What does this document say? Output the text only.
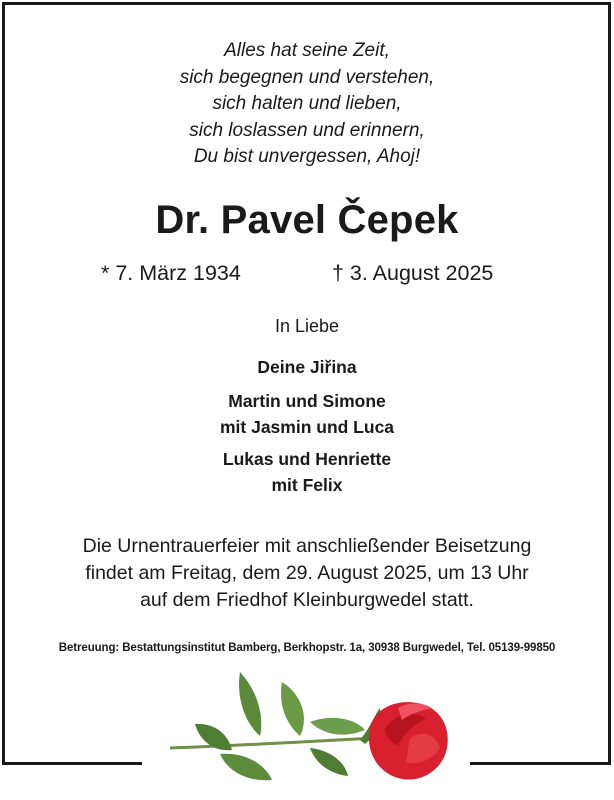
Alles hat seine Zeit,
sich begegnen und verstehen,
sich halten und lieben,
sich loslassen und erinnern,
Du bist unvergessen, Ahoj!
Dr. Pavel Čepek
* 7. März 1934	† 3. August 2025
In Liebe
Deine Jiřina
Martin und Simone
mit Jasmin und Luca
Lukas und Henriette
mit Felix
Die Urnentrauerfeier mit anschließender Beisetzung
findet am Freitag, dem 29. August 2025, um 13 Uhr
auf dem Friedhof Kleinburgwedel statt.
Betreuung: Bestattungsinstitut Bamberg, Berkhopstr. 1a, 30938 Burgwedel, Tel. 05139-99850
